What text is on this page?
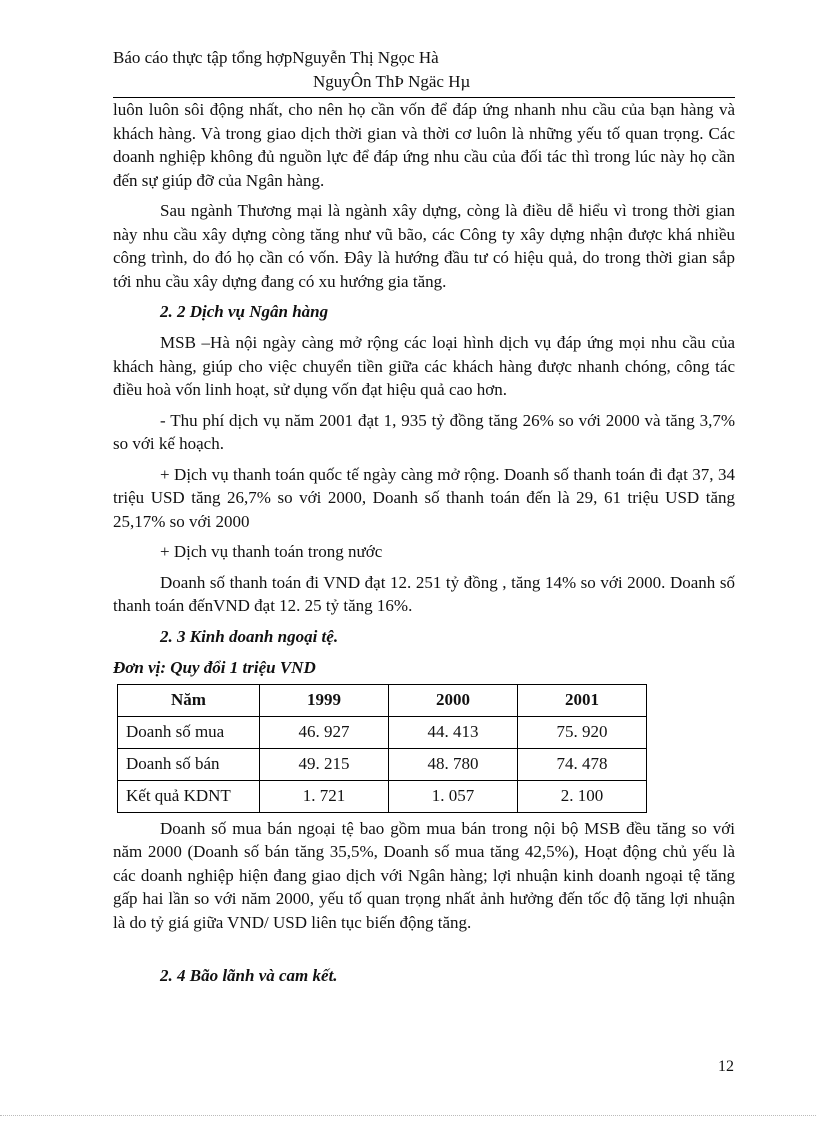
Báo cáo thực tập tổng hợpNguyễn Thị Ngọc Hà
NguyÔn ThÞ Ngäc Hµ

luôn luôn sôi động nhất, cho nên họ cần vốn để đáp ứng nhanh nhu cầu của bạn hàng và khách hàng. Và trong giao dịch thời gian và thời cơ luôn là những yếu tố quan trọng. Các doanh nghiệp không đủ nguồn lực để đáp ứng nhu cầu của đối tác thì trong lúc này họ cần đến sự giúp đỡ của Ngân hàng.

Sau ngành Thương mại là ngành xây dựng, còng là điều dễ hiểu vì trong thời gian này nhu cầu xây dựng còng tăng như vũ bão, các Công ty xây dựng nhận được khá nhiều công trình, do đó họ cần có vốn. Đây là hướng đầu tư có hiệu quả, do trong thời gian sắp tới nhu cầu xây dựng đang có xu hướng gia tăng.

2. 2 Dịch vụ Ngân hàng

MSB –Hà nội ngày càng mở rộng các loại hình dịch vụ đáp ứng mọi nhu cầu của khách hàng, giúp cho việc chuyển tiền giữa các khách hàng được nhanh chóng, công tác điều hoà vốn linh hoạt, sử dụng vốn đạt hiệu quả cao hơn.

- Thu phí dịch vụ năm 2001 đạt 1, 935 tỷ đồng tăng 26% so với 2000 và tăng 3,7% so với kế hoạch.

+ Dịch vụ thanh toán quốc tế ngày càng mở rộng. Doanh số thanh toán đi đạt 37, 34 triệu USD tăng 26,7% so với 2000, Doanh số thanh toán đến là 29, 61 triệu USD tăng 25,17% so với 2000

+ Dịch vụ thanh toán trong nước

Doanh số thanh toán đi VND đạt 12. 251 tỷ đồng , tăng 14% so với 2000. Doanh số thanh toán đếnVND đạt 12. 25 tỷ tăng 16%.

2. 3 Kinh doanh ngoại tệ.
Đơn vị: Quy đổi 1 triệu VND
Năm	1999	2000	2001
Doanh số mua	46. 927	44. 413	75. 920
Doanh số bán	49. 215	48. 780	74. 478
Kết quả KDNT	1. 721	1. 057	2. 100

Doanh số mua bán ngoại tệ bao gồm mua bán trong nội bộ MSB đều tăng so với năm 2000 (Doanh số bán tăng 35,5%, Doanh số mua tăng 42,5%), Hoạt động chủ yếu là các doanh nghiệp hiện đang giao dịch với Ngân hàng; lợi nhuận kinh doanh ngoại tệ tăng gấp hai lần so với năm 2000, yếu tố quan trọng nhất ảnh hưởng đến tốc độ tăng lợi nhuận là do tỷ giá giữa VND/ USD liên tục biến động tăng.

2. 4 Bão lãnh và cam kết.
12
